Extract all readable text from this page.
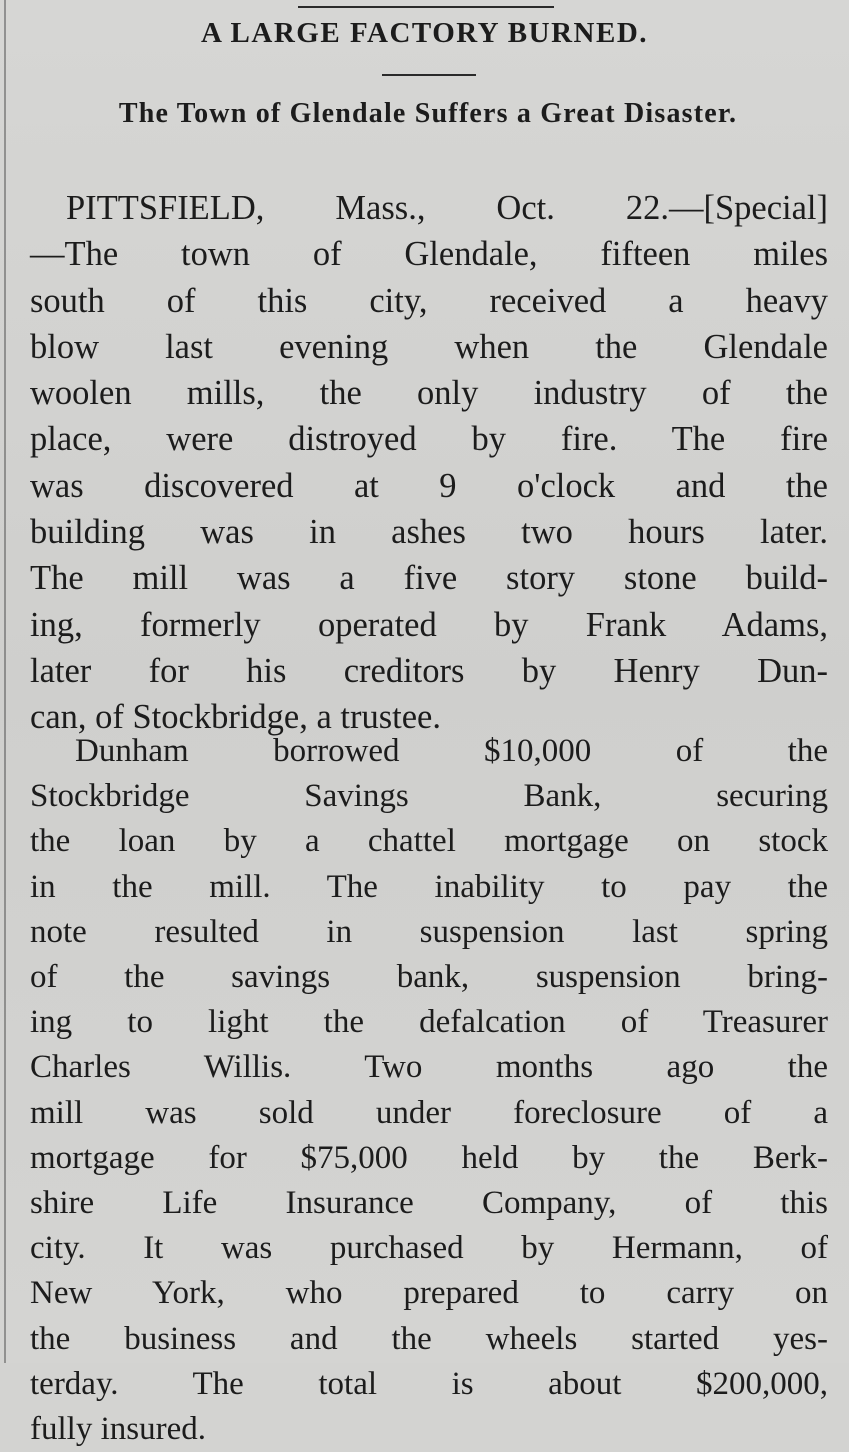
A LARGE FACTORY BURNED.
The Town of Glendale Suffers a Great Disaster.
PITTSFIELD, Mass., Oct. 22.—[Special]
—The town of Glendale, fifteen miles
south of this city, received a heavy
blow last evening when the Glendale
woolen mills, the only industry of the
place, were distroyed by fire. The fire
was discovered at 9 o'clock and the
building was in ashes two hours later.
The mill was a five story stone build-
ing, formerly operated by Frank Adams,
later for his creditors by Henry Dun-
can, of Stockbridge, a trustee.
Dunham borrowed $10,000 of the
Stockbridge Savings Bank, securing
the loan by a chattel mortgage on stock
in the mill. The inability to pay the
note resulted in suspension last spring
of the savings bank, suspension bring-
ing to light the defalcation of Treasurer
Charles Willis. Two months ago the
mill was sold under foreclosure of a
mortgage for $75,000 held by the Berk-
shire Life Insurance Company, of this
city. It was purchased by Hermann, of
New York, who prepared to carry on
the business and the wheels started yes-
terday. The total is about $200,000,
fully insured.
